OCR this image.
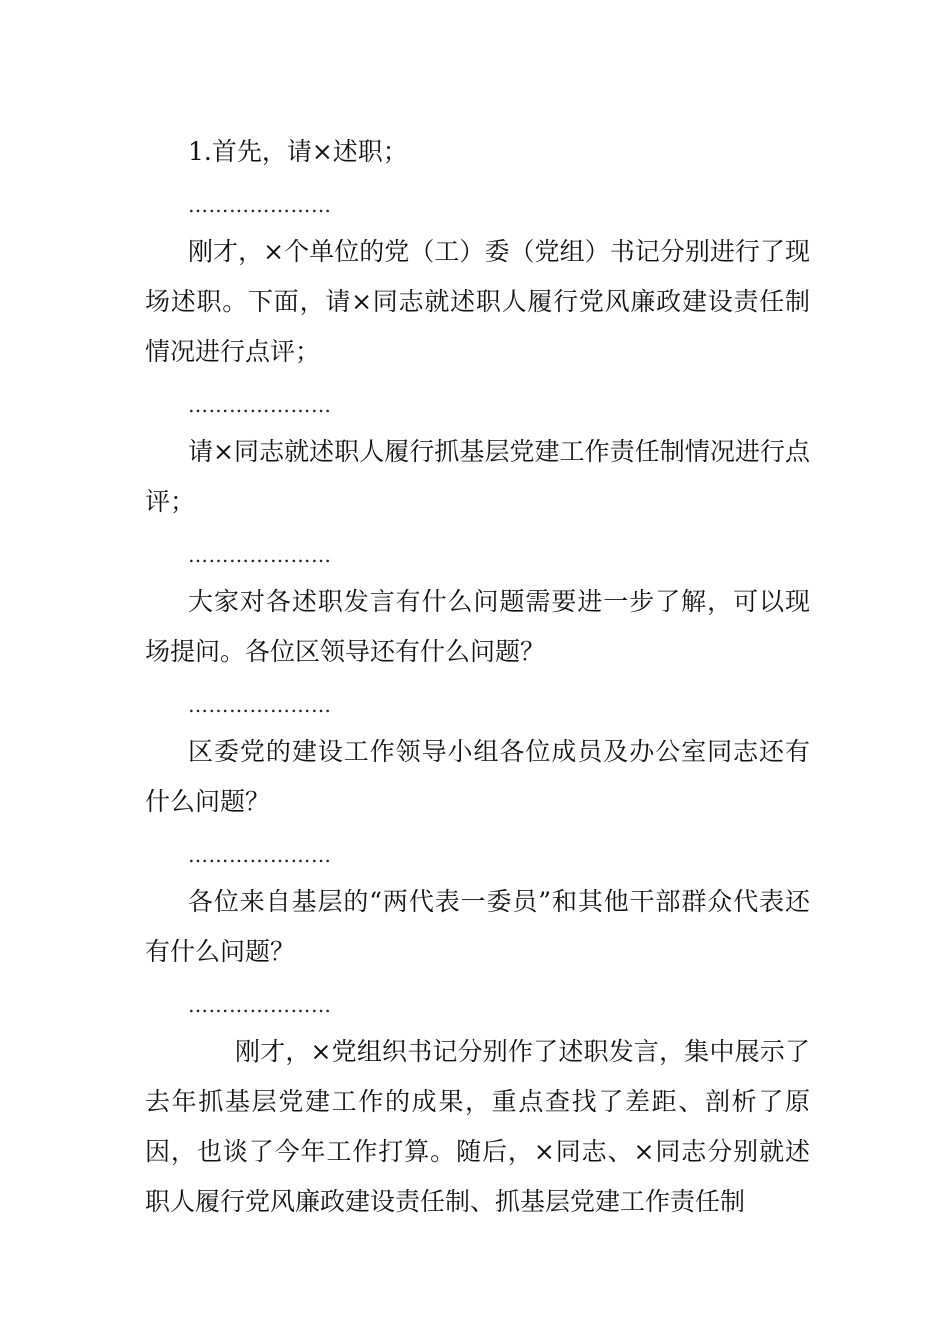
1.首先，请×述职；

…………………

刚才，×个单位的党（工）委（党组）书记分别进行了现场述职。下面，请×同志就述职人履行党风廉政建设责任制情况进行点评；

…………………

请×同志就述职人履行抓基层党建工作责任制情况进行点评；

…………………

大家对各述职发言有什么问题需要进一步了解，可以现场提问。各位区领导还有什么问题？

…………………

区委党的建设工作领导小组各位成员及办公室同志还有什么问题？

…………………

各位来自基层的“两代表一委员”和其他干部群众代表还有什么问题？

…………………

刚才，×党组织书记分别作了述职发言，集中展示了去年抓基层党建工作的成果，重点查找了差距、剖析了原因，也谈了今年工作打算。随后，×同志、×同志分别就述职人履行党风廉政建设责任制、抓基层党建工作责任制
